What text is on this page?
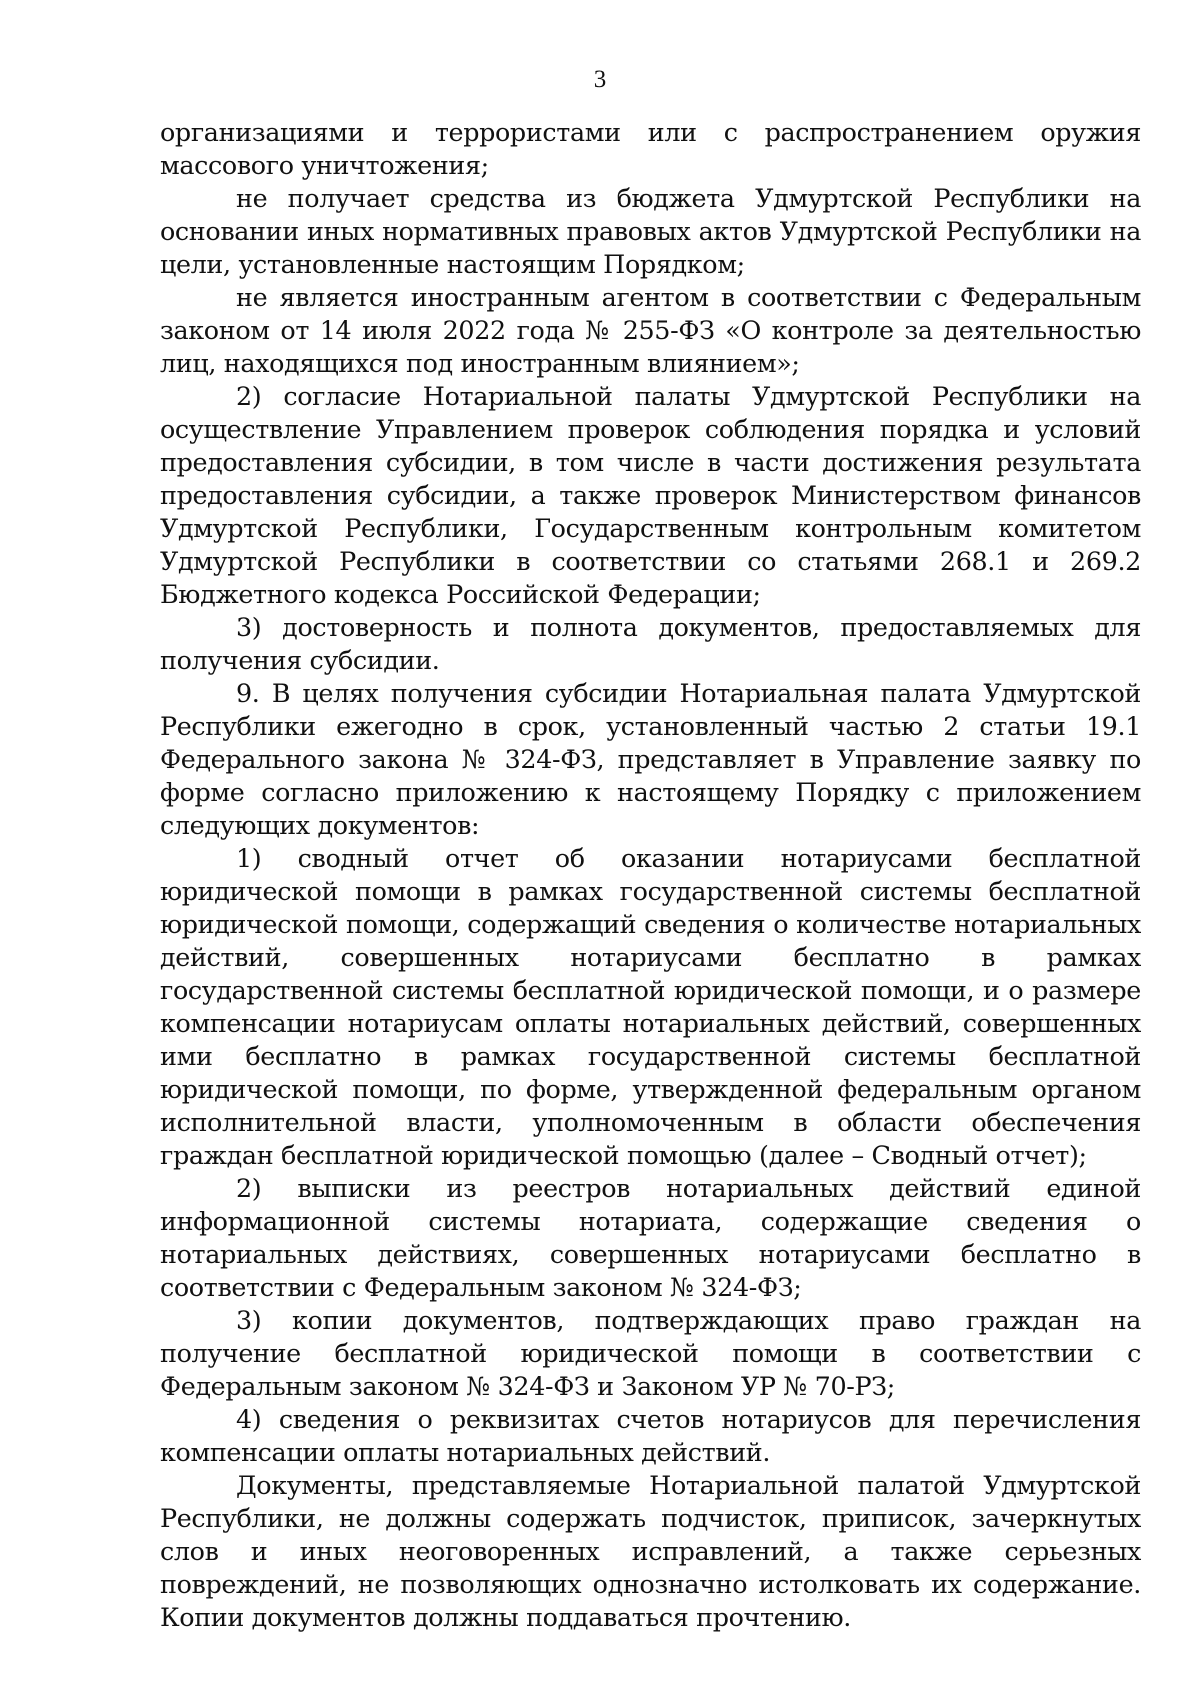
3

организациями и террористами или с распространением оружия массового уничтожения;

не получает средства из бюджета Удмуртской Республики на основании иных нормативных правовых актов Удмуртской Республики на цели, установленные настоящим Порядком;

не является иностранным агентом в соответствии с Федеральным законом от 14 июля 2022 года № 255-ФЗ «О контроле за деятельностью лиц, находящихся под иностранным влиянием»;

2) согласие Нотариальной палаты Удмуртской Республики на осуществление Управлением проверок соблюдения порядка и условий предоставления субсидии, в том числе в части достижения результата предоставления субсидии, а также проверок Министерством финансов Удмуртской Республики, Государственным контрольным комитетом Удмуртской Республики в соответствии со статьями 268.1 и 269.2 Бюджетного кодекса Российской Федерации;

3) достоверность и полнота документов, предоставляемых для получения субсидии.

9. В целях получения субсидии Нотариальная палата Удмуртской Республики ежегодно в срок, установленный частью 2 статьи 19.1 Федерального закона № 324-ФЗ, представляет в Управление заявку по форме согласно приложению к настоящему Порядку с приложением следующих документов:

1) сводный отчет об оказании нотариусами бесплатной юридической помощи в рамках государственной системы бесплатной юридической помощи, содержащий сведения о количестве нотариальных действий, совершенных нотариусами бесплатно в рамках государственной системы бесплатной юридической помощи, и о размере компенсации нотариусам оплаты нотариальных действий, совершенных ими бесплатно в рамках государственной системы бесплатной юридической помощи, по форме, утвержденной федеральным органом исполнительной власти, уполномоченным в области обеспечения граждан бесплатной юридической помощью (далее – Сводный отчет);

2) выписки из реестров нотариальных действий единой информационной системы нотариата, содержащие сведения о нотариальных действиях, совершенных нотариусами бесплатно в соответствии с Федеральным законом № 324-ФЗ;

3) копии документов, подтверждающих право граждан на получение бесплатной юридической помощи в соответствии с Федеральным законом № 324-ФЗ и Законом УР № 70-РЗ;

4) сведения о реквизитах счетов нотариусов для перечисления компенсации оплаты нотариальных действий.

Документы, представляемые Нотариальной палатой Удмуртской Республики, не должны содержать подчисток, приписок, зачеркнутых слов и иных неоговоренных исправлений, а также серьезных повреждений, не позволяющих однозначно истолковать их содержание. Копии документов должны поддаваться прочтению.
